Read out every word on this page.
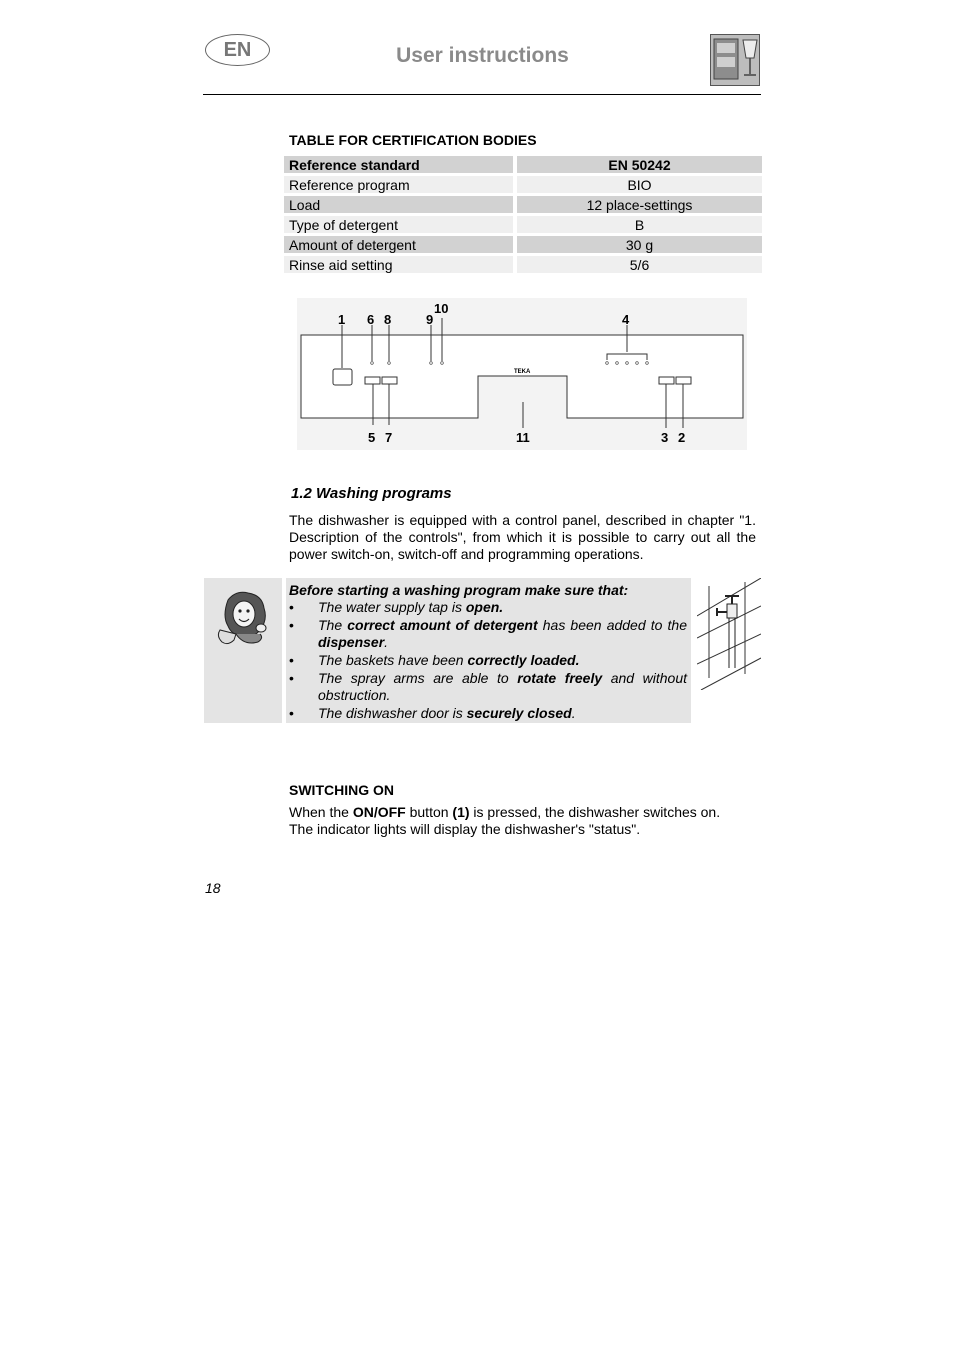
EN	User instructions
TABLE FOR CERTIFICATION BODIES
Reference standard		EN 50242
Reference program		BIO
Load		12 place-settings
Type of detergent		B
Amount of detergent		30 g
Rinse aid setting		5/6
TEKA
1 6 8	9
10
4
5 7	11	3 2
1.2 Washing programs
The dishwasher is equipped with a control panel, described in chapter "1. Description of the controls", from which it is possible to carry out all the power switch-on, switch-off and programming operations.
Before starting a washing program make sure that:
• The water supply tap is open.
• The correct amount of detergent has been added to the dispenser.
• The baskets have been correctly loaded.
• The spray arms are able to rotate freely and without obstruction.
• The dishwasher door is securely closed.
SWITCHING ON
When the ON/OFF button (1) is pressed, the dishwasher switches on.
The indicator lights will display the dishwasher's "status".
18
